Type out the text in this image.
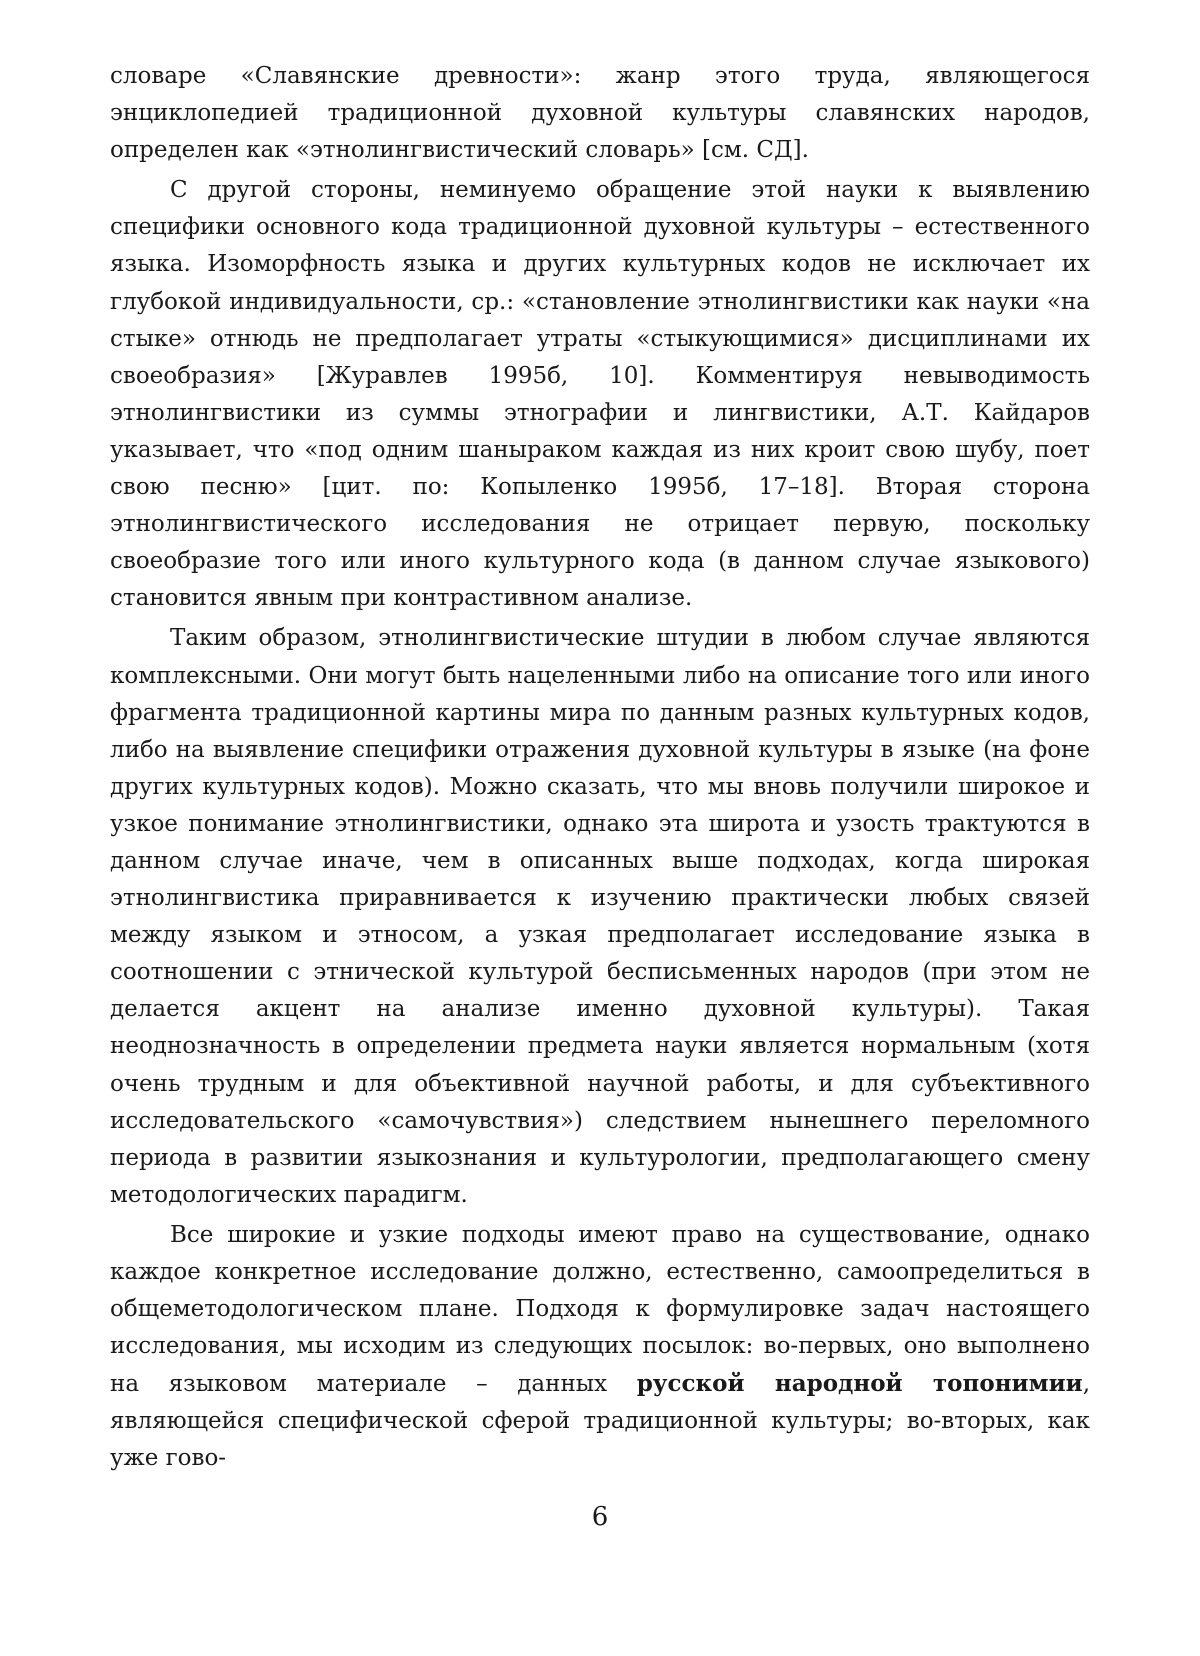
словаре «Славянские древности»: жанр этого труда, являющегося энциклопедией традиционной духовной культуры славянских народов, определен как «этнолингвистический словарь» [см. СД].

С другой стороны, неминуемо обращение этой науки к выявлению специфики основного кода традиционной духовной культуры – естественного языка. Изоморфность языка и других культурных кодов не исключает их глубокой индивидуальности, ср.: «становление этнолингвистики как науки «на стыке» отнюдь не предполагает утраты «стыкующимися» дисциплинами их своеобразия» [Журавлев 1995б, 10]. Комментируя невыводимость этнолингвистики из суммы этнографии и лингвистики, А.Т. Кайдаров указывает, что «под одним шаныраком каждая из них кроит свою шубу, поет свою песню» [цит. по: Копыленко 1995б, 17–18]. Вторая сторона этнолингвистического исследования не отрицает первую, поскольку своеобразие того или иного культурного кода (в данном случае языкового) становится явным при контрастивном анализе.

Таким образом, этнолингвистические штудии в любом случае являются комплексными. Они могут быть нацеленными либо на описание того или иного фрагмента традиционной картины мира по данным разных культурных кодов, либо на выявление специфики отражения духовной культуры в языке (на фоне других культурных кодов). Можно сказать, что мы вновь получили широкое и узкое понимание этнолингвистики, однако эта широта и узость трактуются в данном случае иначе, чем в описанных выше подходах, когда широкая этнолингвистика приравнивается к изучению практически любых связей между языком и этносом, а узкая предполагает исследование языка в соотношении с этнической культурой бесписьменных народов (при этом не делается акцент на анализе именно духовной культуры). Такая неоднозначность в определении предмета науки является нормальным (хотя очень трудным и для объективной научной работы, и для субъективного исследовательского «самочувствия») следствием нынешнего переломного периода в развитии языкознания и культурологии, предполагающего смену методологических парадигм.

Все широкие и узкие подходы имеют право на существование, однако каждое конкретное исследование должно, естественно, самоопределиться в общеметодологическом плане. Подходя к формулировке задач настоящего исследования, мы исходим из следующих посылок: во-первых, оно выполнено на языковом материале – данных русской народной топонимии, являющейся специфической сферой традиционной культуры; во-вторых, как уже гово-

6
